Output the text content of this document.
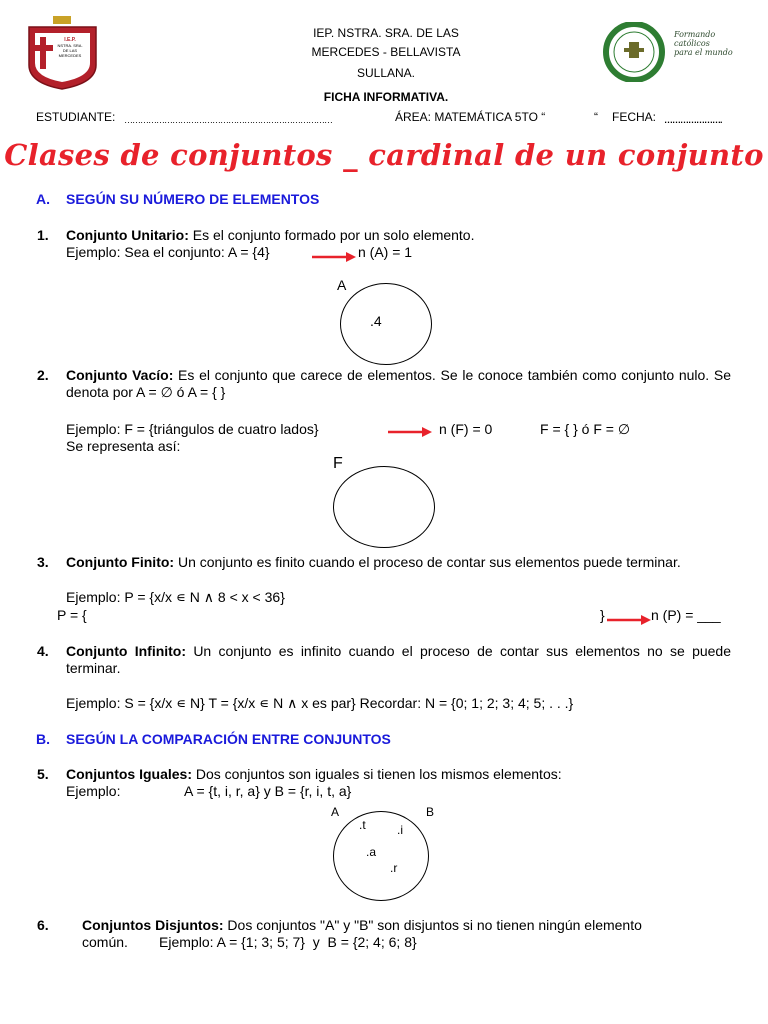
I.E.P.
NSTRA. SRA.
DE LAS
MERCEDES
BELLAVISTA
IEP. NSTRA. SRA. DE LAS
MERCEDES - BELLAVISTA
SULLANA.
FICHA INFORMATIVA.
Formando
católicos
para el mundo
ESTUDIANTE: ……………………………………………………………………	ÁREA: MATEMÁTICA 5TO “	“ FECHA: ………………….
Clases de conjuntos _ cardinal de un conjunto
A. SEGÚN SU NÚMERO DE ELEMENTOS
1. Conjunto Unitario: Es el conjunto formado por un solo elemento.
Ejemplo: Sea el conjunto: A = {4}	n (A) = 1
A
.4
2. Conjunto Vacío: Es el conjunto que carece de elementos. Se le conoce también como conjunto nulo. Se denota por A = ∅ ó A = { }
Ejemplo: F = {triángulos de cuatro lados}	n (F) = 0	F = { } ó F = ∅
Se representa así:
F
3. Conjunto Finito: Un conjunto es finito cuando el proceso de contar sus elementos puede terminar.
Ejemplo: P = {x/x ∊ N ∧ 8 < x < 36}
P = {	}	n (P) = ___
4. Conjunto Infinito: Un conjunto es infinito cuando el proceso de contar sus elementos no se puede terminar.
Ejemplo: S = {x/x ∊ N} T = {x/x ∊ N ∧ x es par} Recordar: N = {0; 1; 2; 3; 4; 5; . . .}
B. SEGÚN LA COMPARACIÓN ENTRE CONJUNTOS
5. Conjuntos Iguales: Dos conjuntos son iguales si tienen los mismos elementos:
Ejemplo:	A = {t, i, r, a} y B = {r, i, t, a}
A	B
.t	.i
.a
.r
6. Conjuntos Disjuntos: Dos conjuntos "A" y "B" son disjuntos si no tienen ningún elemento
común.        Ejemplo: A = {1; 3; 5; 7}  y  B = {2; 4; 6; 8}
